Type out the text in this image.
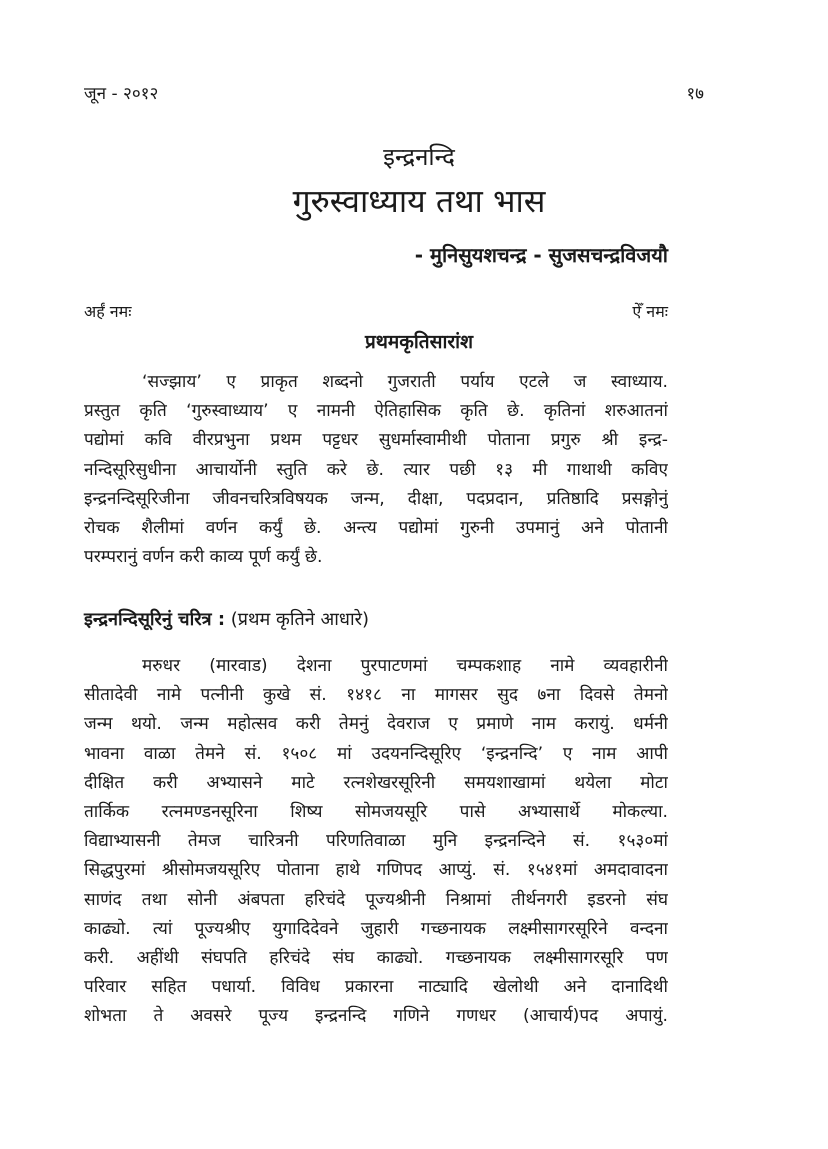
जून - २०१२	१७
इन्द्रनन्दि
गुरुस्वाध्याय तथा भास
- मुनिसुयशचन्द्र - सुजसचन्द्रविजयौ
अर्हं नमः	ऐँ नमः
प्रथमकृतिसारांश
‘सज्झाय’ ए प्राकृत शब्दनो गुजराती पर्याय एटले ज स्वाध्याय.
प्रस्तुत कृति ‘गुरुस्वाध्याय’ ए नामनी ऐतिहासिक कृति छे. कृतिनां शरुआतनां
पद्योमां कवि वीरप्रभुना प्रथम पट्टधर सुधर्मास्वामीथी पोताना प्रगुरु श्री इन्द्र-
नन्दिसूरिसुधीना आचार्योनी स्तुति करे छे. त्यार पछी १३ मी गाथाथी कविए
इन्द्रनन्दिसूरिजीना जीवनचरित्रविषयक जन्म, दीक्षा, पदप्रदान, प्रतिष्ठादि प्रसङ्गोनुं
रोचक शैलीमां वर्णन कर्युं छे. अन्त्य पद्योमां गुरुनी उपमानुं अने पोतानी
परम्परानुं वर्णन करी काव्य पूर्ण कर्युं छे.
इन्द्रनन्दिसूरिनुं चरित्र : (प्रथम कृतिने आधारे)
मरुधर (मारवाड) देशना पुरपाटणमां चम्पकशाह नामे व्यवहारीनी
सीतादेवी नामे पत्नीनी कुखे सं. १४१८ ना मागसर सुद ७ना दिवसे तेमनो
जन्म थयो. जन्म महोत्सव करी तेमनुं देवराज ए प्रमाणे नाम करायुं. धर्मनी
भावना वाळा तेमने सं. १५०८ मां उदयनन्दिसूरिए ‘इन्द्रनन्दि’ ए नाम आपी
दीक्षित करी अभ्यासने माटे रत्नशेखरसूरिनी समयशाखामां थयेला मोटा
तार्किक रत्नमण्डनसूरिना शिष्य सोमजयसूरि पासे अभ्यासार्थे मोकल्या.
विद्याभ्यासनी तेमज चारित्रनी परिणतिवाळा मुनि इन्द्रनन्दिने सं. १५३०मां
सिद्धपुरमां श्रीसोमजयसूरिए पोताना हाथे गणिपद आप्युं. सं. १५४१मां अमदावादना
साणंद तथा सोनी अंबपता हरिचंदे पूज्यश्रीनी निश्रामां तीर्थनगरी इडरनो संघ
काढ्यो. त्यां पूज्यश्रीए युगादिदेवने जुहारी गच्छनायक लक्ष्मीसागरसूरिने वन्दना
करी. अहींथी संघपति हरिचंदे संघ काढ्यो. गच्छनायक लक्ष्मीसागरसूरि पण
परिवार सहित पधार्या. विविध प्रकारना नाट्यादि खेलोथी अने दानादिथी
शोभता ते अवसरे पूज्य इन्द्रनन्दि गणिने गणधर (आचार्य)पद अपायुं.
